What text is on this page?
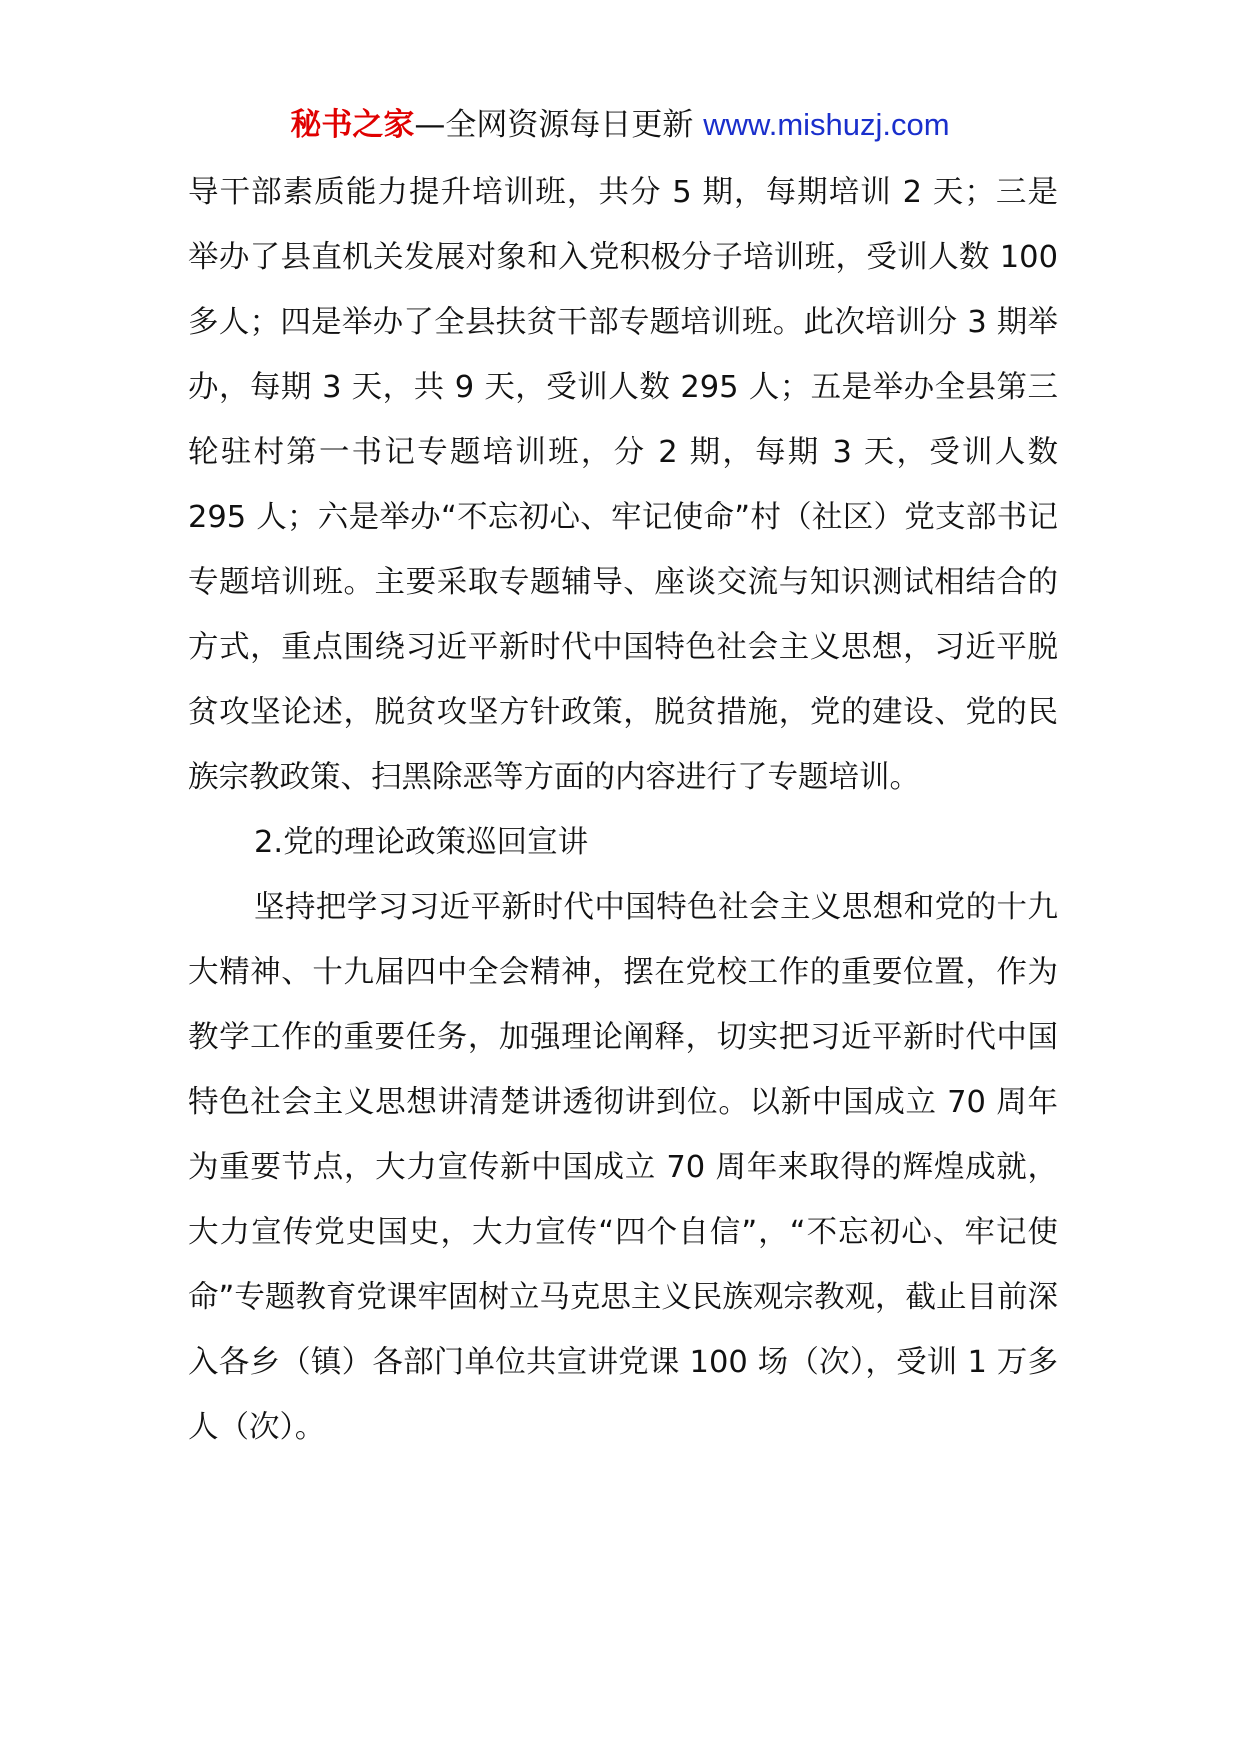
秘书之家—全网资源每日更新 www.mishuzj.com

导干部素质能力提升培训班，共分 5 期，每期培训 2 天；三是举办了县直机关发展对象和入党积极分子培训班，受训人数 100 多人；四是举办了全县扶贫干部专题培训班。此次培训分 3 期举办，每期 3 天，共 9 天，受训人数 295 人；五是举办全县第三轮驻村第一书记专题培训班，分 2 期，每期 3 天，受训人数 295 人；六是举办“不忘初心、牢记使命”村（社区）党支部书记专题培训班。主要采取专题辅导、座谈交流与知识测试相结合的方式，重点围绕习近平新时代中国特色社会主义思想，习近平脱贫攻坚论述，脱贫攻坚方针政策，脱贫措施，党的建设、党的民族宗教政策、扫黑除恶等方面的内容进行了专题培训。

2.党的理论政策巡回宣讲

坚持把学习习近平新时代中国特色社会主义思想和党的十九大精神、十九届四中全会精神，摆在党校工作的重要位置，作为教学工作的重要任务，加强理论阐释，切实把习近平新时代中国特色社会主义思想讲清楚讲透彻讲到位。以新中国成立 70 周年为重要节点，大力宣传新中国成立 70 周年来取得的辉煌成就，大力宣传党史国史，大力宣传“四个自信”，“不忘初心、牢记使命”专题教育党课牢固树立马克思主义民族观宗教观，截止目前深入各乡（镇）各部门单位共宣讲党课 100 场（次），受训 1 万多人（次）。
